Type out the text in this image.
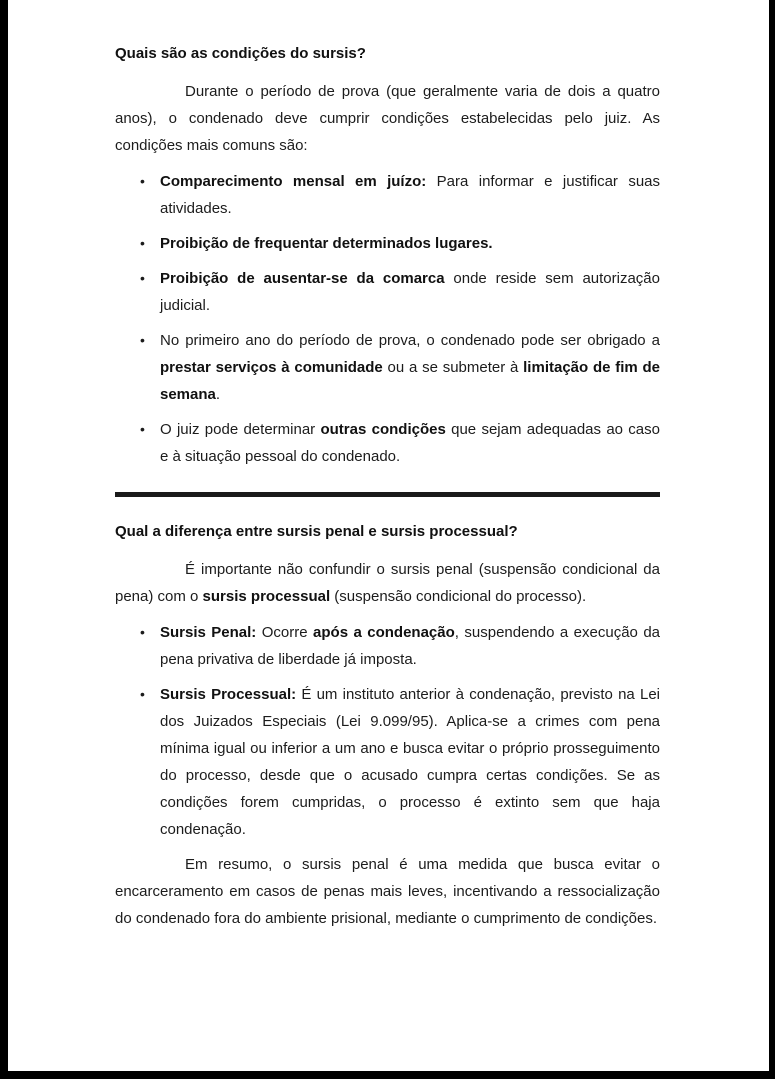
Quais são as condições do sursis?

Durante o período de prova (que geralmente varia de dois a quatro anos), o condenado deve cumprir condições estabelecidas pelo juiz. As condições mais comuns são:

• Comparecimento mensal em juízo: Para informar e justificar suas atividades.
• Proibição de frequentar determinados lugares.
• Proibição de ausentar-se da comarca onde reside sem autorização judicial.
• No primeiro ano do período de prova, o condenado pode ser obrigado a prestar serviços à comunidade ou a se submeter à limitação de fim de semana.
• O juiz pode determinar outras condições que sejam adequadas ao caso e à situação pessoal do condenado.
Qual a diferença entre sursis penal e sursis processual?

É importante não confundir o sursis penal (suspensão condicional da pena) com o sursis processual (suspensão condicional do processo).

• Sursis Penal: Ocorre após a condenação, suspendendo a execução da pena privativa de liberdade já imposta.
• Sursis Processual: É um instituto anterior à condenação, previsto na Lei dos Juizados Especiais (Lei 9.099/95). Aplica-se a crimes com pena mínima igual ou inferior a um ano e busca evitar o próprio prosseguimento do processo, desde que o acusado cumpra certas condições. Se as condições forem cumpridas, o processo é extinto sem que haja condenação.

Em resumo, o sursis penal é uma medida que busca evitar o encarceramento em casos de penas mais leves, incentivando a ressocialização do condenado fora do ambiente prisional, mediante o cumprimento de condições.
